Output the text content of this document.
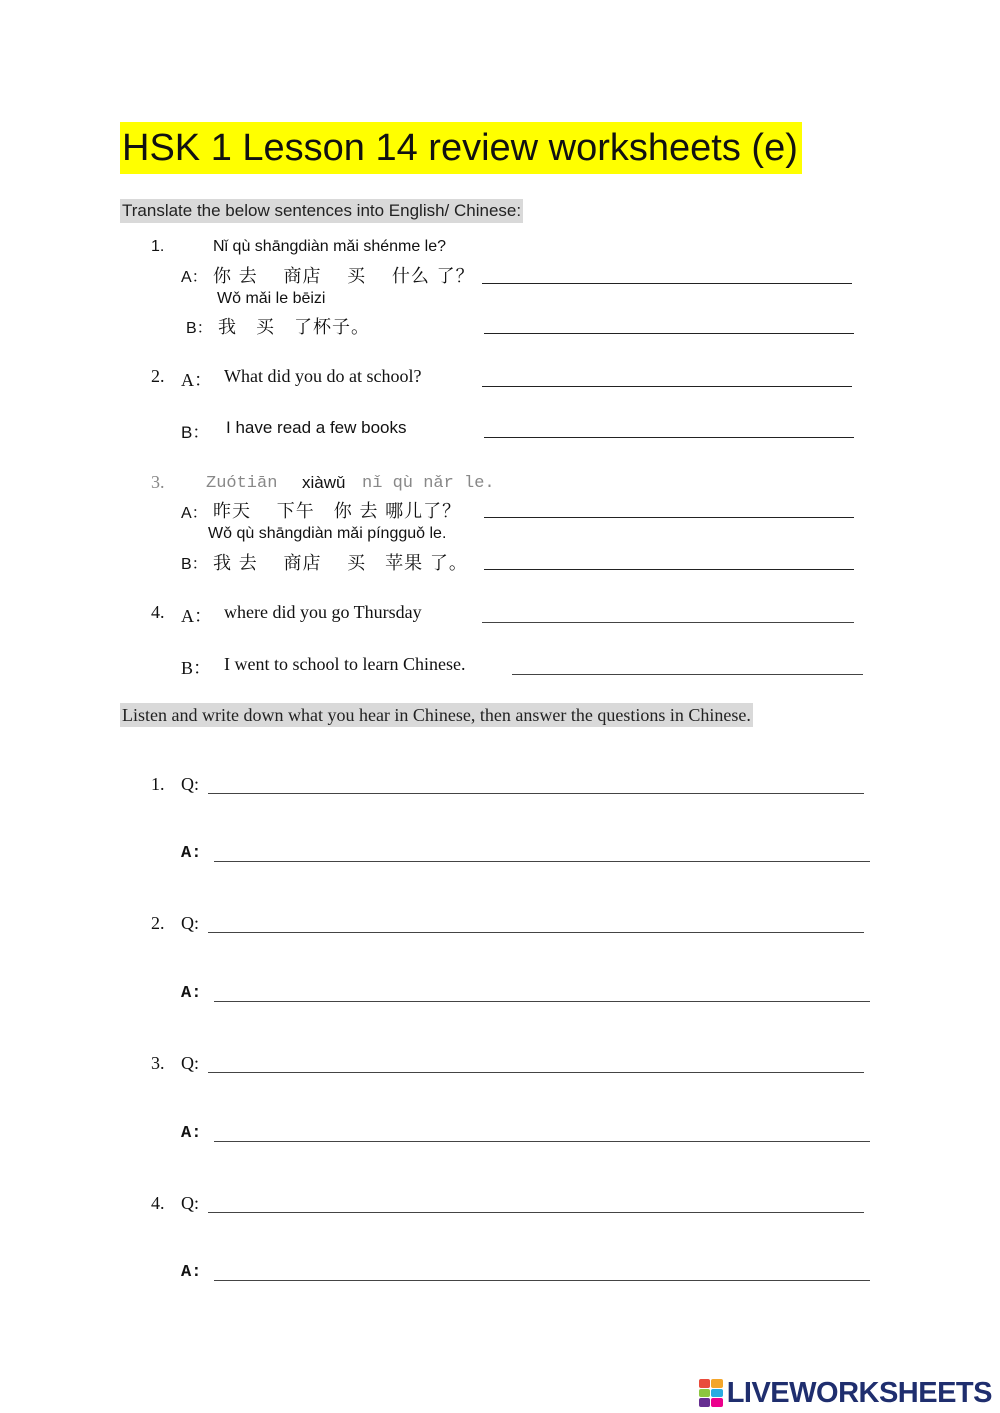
HSK 1 Lesson 14 review worksheets (e)
Translate the below sentences into English/ Chinese:
1.	Nǐ qù shāngdiàn mǎi shénme le?
A： 你 去　 商店　 买　 什么 了？
Wǒ mǎi le bēizi
B： 我　买　了杯子。
2. A： What did you do at school?
B： I have read a few books
3. Zuótiān xiàwǔ nǐ qù nǎr le.
A： 昨天　 下午　你 去 哪儿了？
Wǒ qù shāngdiàn mǎi píngguǒ le.
B： 我 去　 商店　 买　苹果 了。
4. A： where did you go Thursday
B： I went to school to learn Chinese.
Listen and write down what you hear in Chinese, then answer the questions in Chinese.
1. Q:
A:
2. Q:
A:
3. Q:
A:
4. Q:
A:
LIVEWORKSHEETS
